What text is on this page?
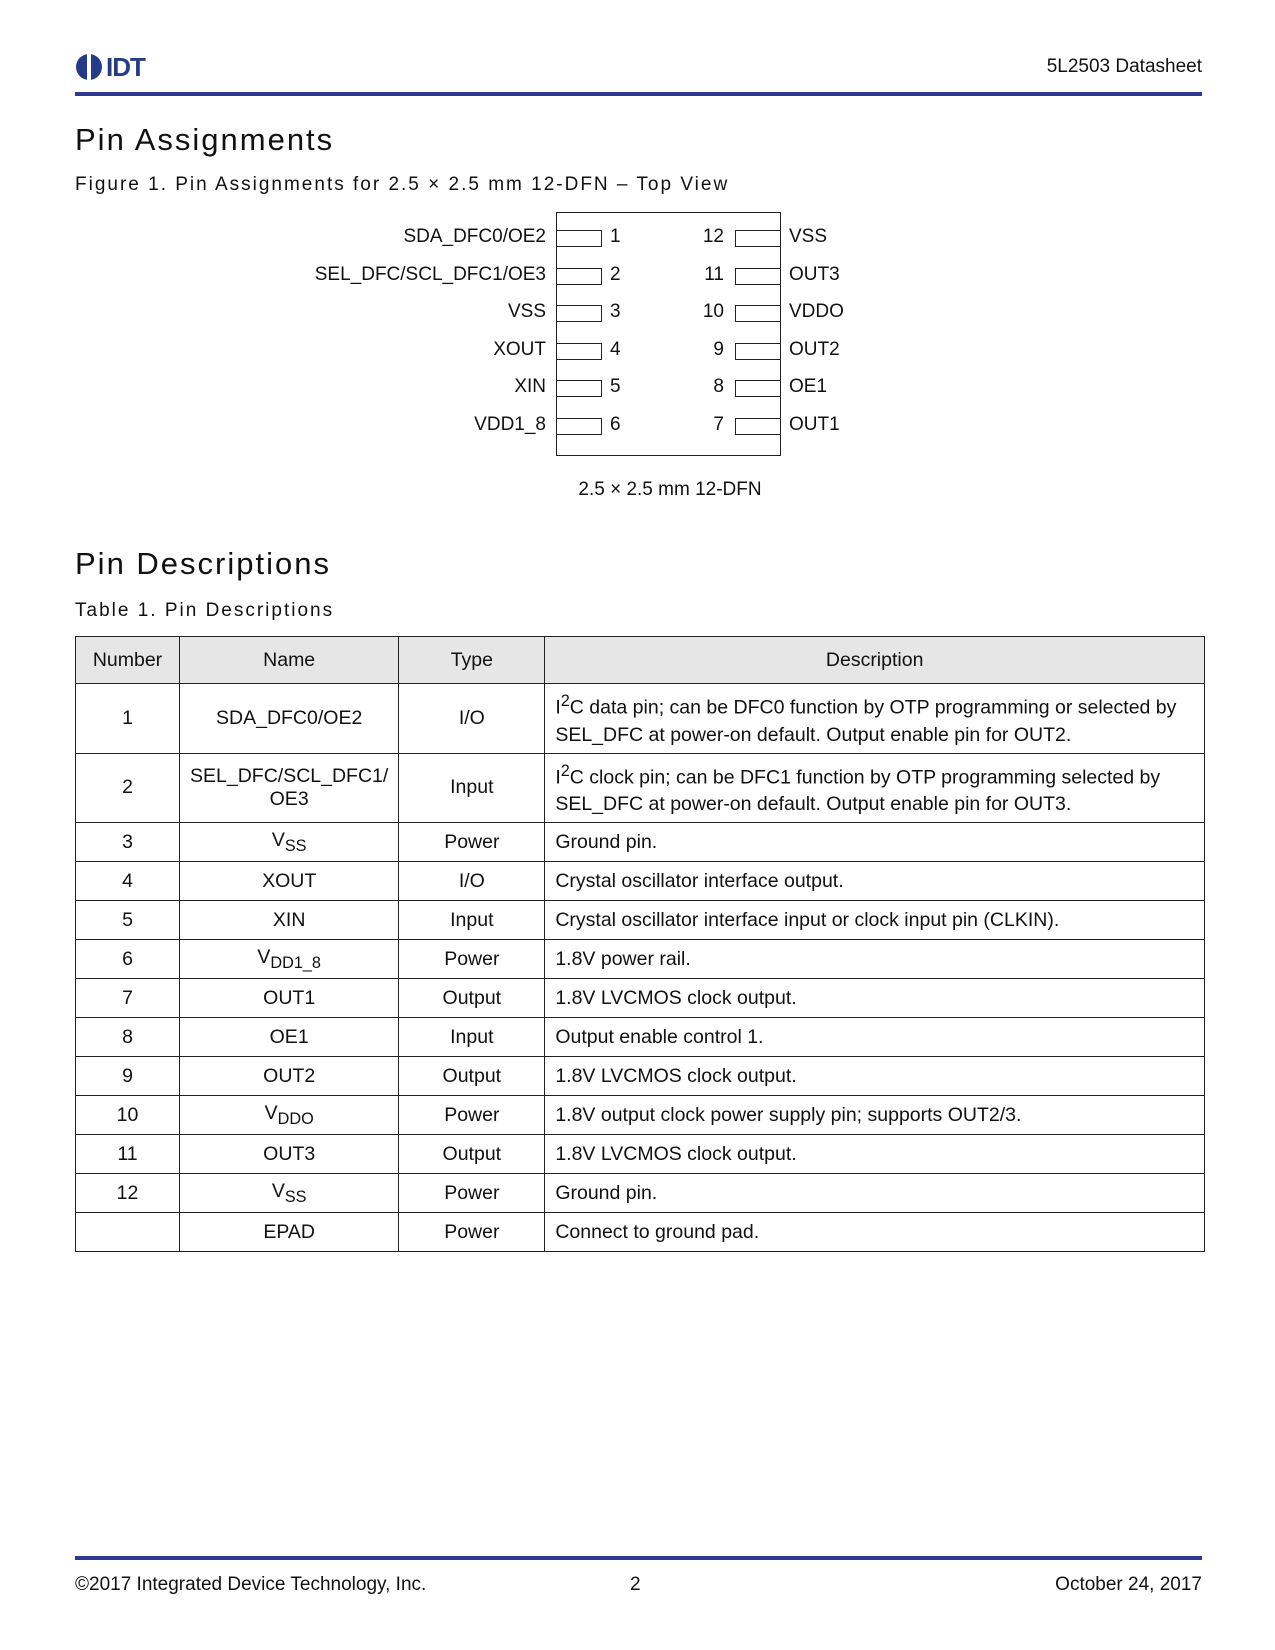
IDT	5L2503 Datasheet
Pin Assignments
Figure 1. Pin Assignments for 2.5 × 2.5 mm 12-DFN – Top View
SDA_DFC0/OE2	1
SEL_DFC/SCL_DFC1/OE3	2
VSS	3
XOUT	4
XIN	5
VDD1_8	6
12	VSS
11	OUT3
10	VDDO
9	OUT2
8	OE1
7	OUT1
2.5 × 2.5 mm 12-DFN
Pin Descriptions
Table 1. Pin Descriptions
Number	Name	Type	Description
1	SDA_DFC0/OE2	I/O	$I^2C$ data pin; can be DFC0 function by OTP programming or selected by SEL_DFC at power-on default. Output enable pin for OUT2.
2	SEL_DFC/SCL_DFC1/ OE3	Input	$I^2C$ clock pin; can be DFC1 function by OTP programming selected by SEL_DFC at power-on default. Output enable pin for OUT3.
3	$V_{SS}$	Power	Ground pin.
4	XOUT	I/O	Crystal oscillator interface output.
5	XIN	Input	Crystal oscillator interface input or clock input pin (CLKIN).
6	$V_{DD1\_8}$	Power	1.8V power rail.
7	OUT1	Output	1.8V LVCMOS clock output.
8	OE1	Input	Output enable control 1.
9	OUT2	Output	1.8V LVCMOS clock output.
10	$V_{DDO}$	Power	1.8V output clock power supply pin; supports OUT2/3.
11	OUT3	Output	1.8V LVCMOS clock output.
12	$V_{SS}$	Power	Ground pin.
	EPAD	Power	Connect to ground pad.
©2017 Integrated Device Technology, Inc.	2	October 24, 2017
